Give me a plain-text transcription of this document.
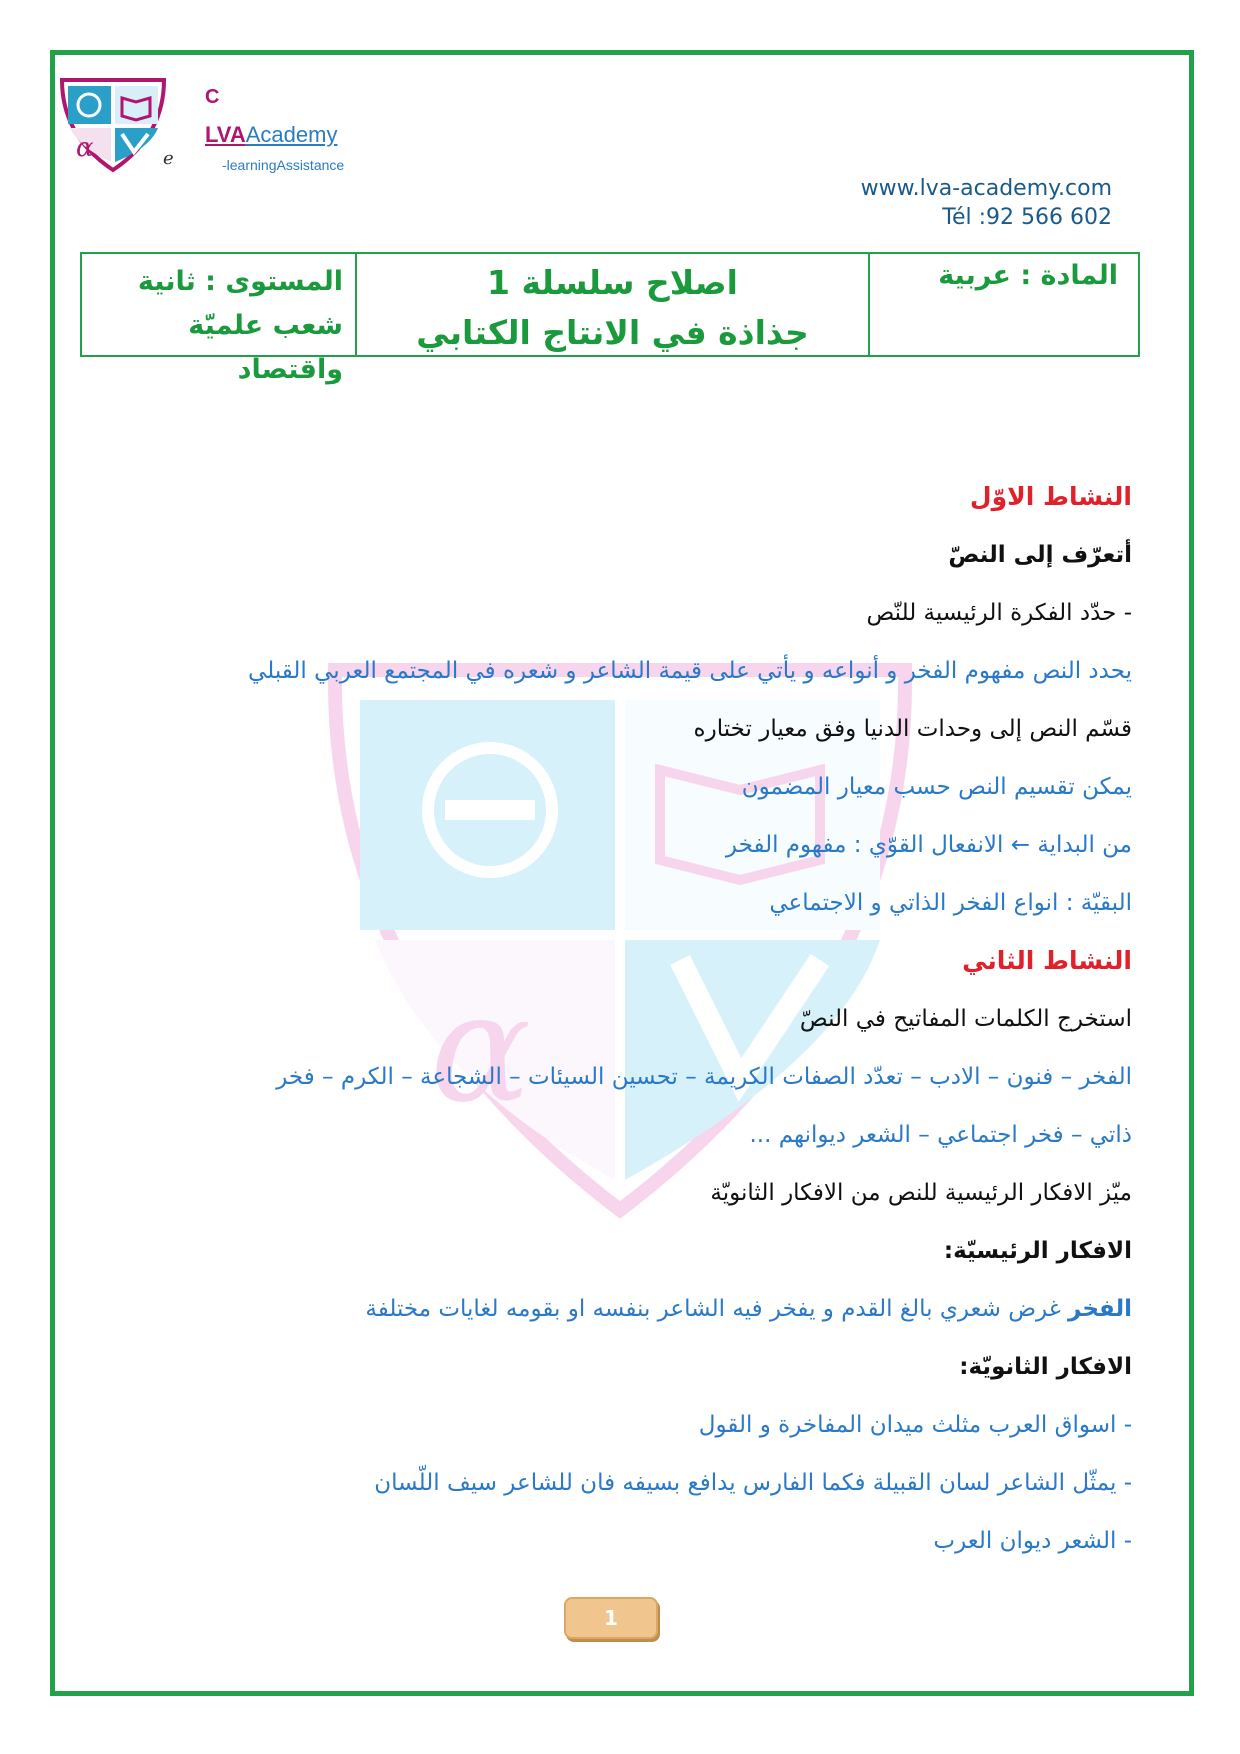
α
α	e
C
LVAAcademy
-learningAssistance
www.lva-academy.com
Tél :92 566 602
المادة : عربية
اصلاح سلسلة 1
جذاذة في الانتاج الكتابي
المستوى : ثانية
شعب علميّة واقتصاد
النشاط الاوّل
أتعرّف إلى النصّ
- حدّد الفكرة الرئيسية للنّص
يحدد النص مفهوم الفخر و أنواعه و يأتي على قيمة الشاعر و شعره في المجتمع العربي القبلي
قسّم النص إلى وحدات الدنيا وفق معيار تختاره
يمكن تقسيم النص حسب معيار المضمون
من البداية ← الانفعال القوّي : مفهوم الفخر
البقيّة : انواع الفخر الذاتي و الاجتماعي
النشاط الثاني
استخرج الكلمات المفاتيح في النصّ
الفخر – فنون – الادب – تعدّد الصفات الكريمة – تحسين السيئات – الشجاعة – الكرم – فخر
ذاتي – فخر اجتماعي – الشعر ديوانهم ...
ميّز الافكار الرئيسية للنص من الافكار الثانويّة
الافكار الرئيسيّة:
الفخر غرض شعري بالغ القدم و يفخر فيه الشاعر بنفسه او بقومه لغايات مختلفة
الافكار الثانويّة:
- اسواق العرب مثلث ميدان المفاخرة و القول
- يمثّل الشاعر لسان القبيلة فكما الفارس يدافع بسيفه فان للشاعر سيف اللّسان
- الشعر ديوان العرب
1
